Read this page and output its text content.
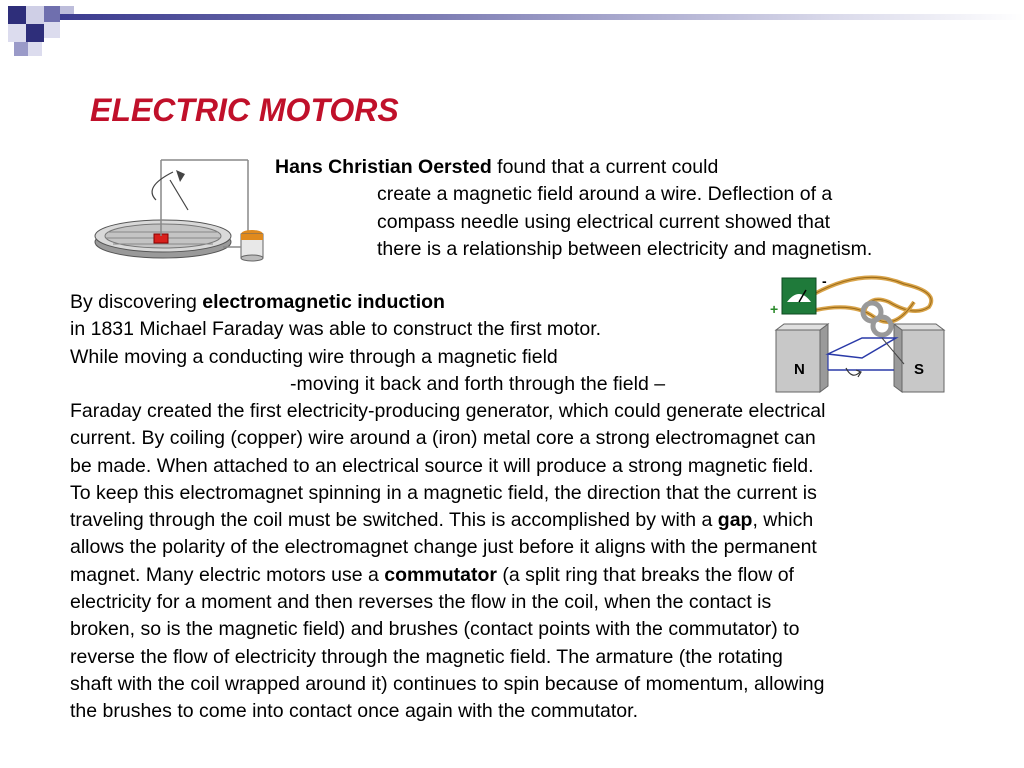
ELECTRIC MOTORS
Hans Christian Oersted found that a current could
create a magnetic field around a wire. Deflection of a
compass needle using electrical current showed that
there is a relationship between electricity and magnetism.
By discovering electromagnetic induction
in 1831 Michael Faraday was able to construct the first motor.
While moving a conducting wire through a magnetic field
-moving it back and forth through the field –
+
-
N	S
Faraday created the first electricity-producing generator, which could generate electrical
current. By coiling (copper) wire around a (iron) metal core a strong electromagnet can
be made. When attached to an electrical source it will produce a strong magnetic field.
To keep this electromagnet spinning in a magnetic field, the direction that the current is
traveling through the coil must be switched. This is accomplished by with a gap, which
allows the polarity of the electromagnet change just before it aligns with the permanent
magnet. Many electric motors use a commutator (a split ring that breaks the flow of
electricity for a moment and then reverses the flow in the coil, when the contact is
broken, so is the magnetic field) and brushes (contact points with the commutator) to
reverse the flow of electricity through the magnetic field. The armature (the rotating
shaft with the coil wrapped around it) continues to spin because of momentum, allowing
the brushes to come into contact once again with the commutator.
